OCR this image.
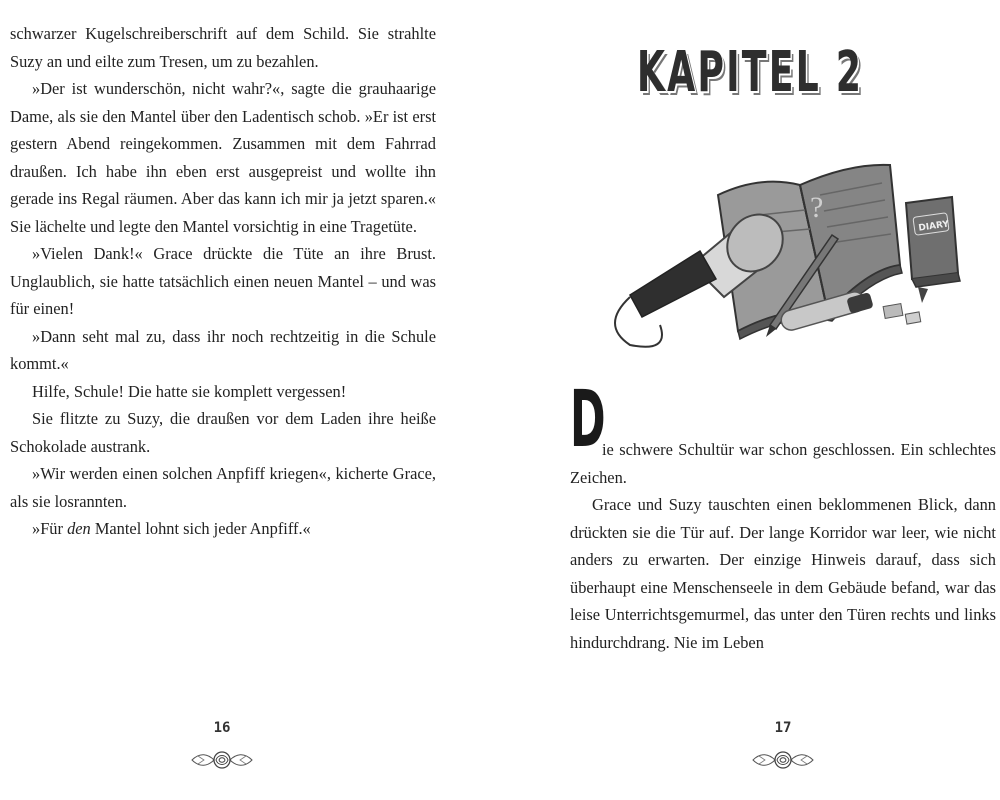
schwarzer Kugelschreiberschrift auf dem Schild. Sie strahlte Suzy an und eilte zum Tresen, um zu bezahlen.

»Der ist wunderschön, nicht wahr?«, sagte die grauhaarige Dame, als sie den Mantel über den Ladentisch schob. »Er ist erst gestern Abend reingekommen. Zusammen mit dem Fahrrad draußen. Ich habe ihn eben erst ausgepreist und wollte ihn gerade ins Regal räumen. Aber das kann ich mir ja jetzt sparen.« Sie lächelte und legte den Mantel vorsichtig in eine Tragetüte.

»Vielen Dank!« Grace drückte die Tüte an ihre Brust. Unglaublich, sie hatte tatsächlich einen neuen Mantel – und was für einen!

»Dann seht mal zu, dass ihr noch rechtzeitig in die Schule kommt.«

Hilfe, Schule! Die hatte sie komplett vergessen!

Sie flitzte zu Suzy, die draußen vor dem Laden ihre heiße Schokolade austrank.

»Wir werden einen solchen Anpfiff kriegen«, kicherte Grace, als sie losrannten.

»Für den Mantel lohnt sich jeder Anpfiff.«

16
KAPITEL 2
?
DIARY
D

ie schwere Schultür war schon geschlossen. Ein schlechtes Zeichen.

Grace und Suzy tauschten einen beklommenen Blick, dann drückten sie die Tür auf. Der lange Korridor war leer, wie nicht anders zu erwarten. Der einzige Hinweis darauf, dass sich überhaupt eine Menschenseele in dem Gebäude befand, war das leise Unterrichtsgemurmel, das unter den Türen rechts und links hindurchdrang. Nie im Leben

17
